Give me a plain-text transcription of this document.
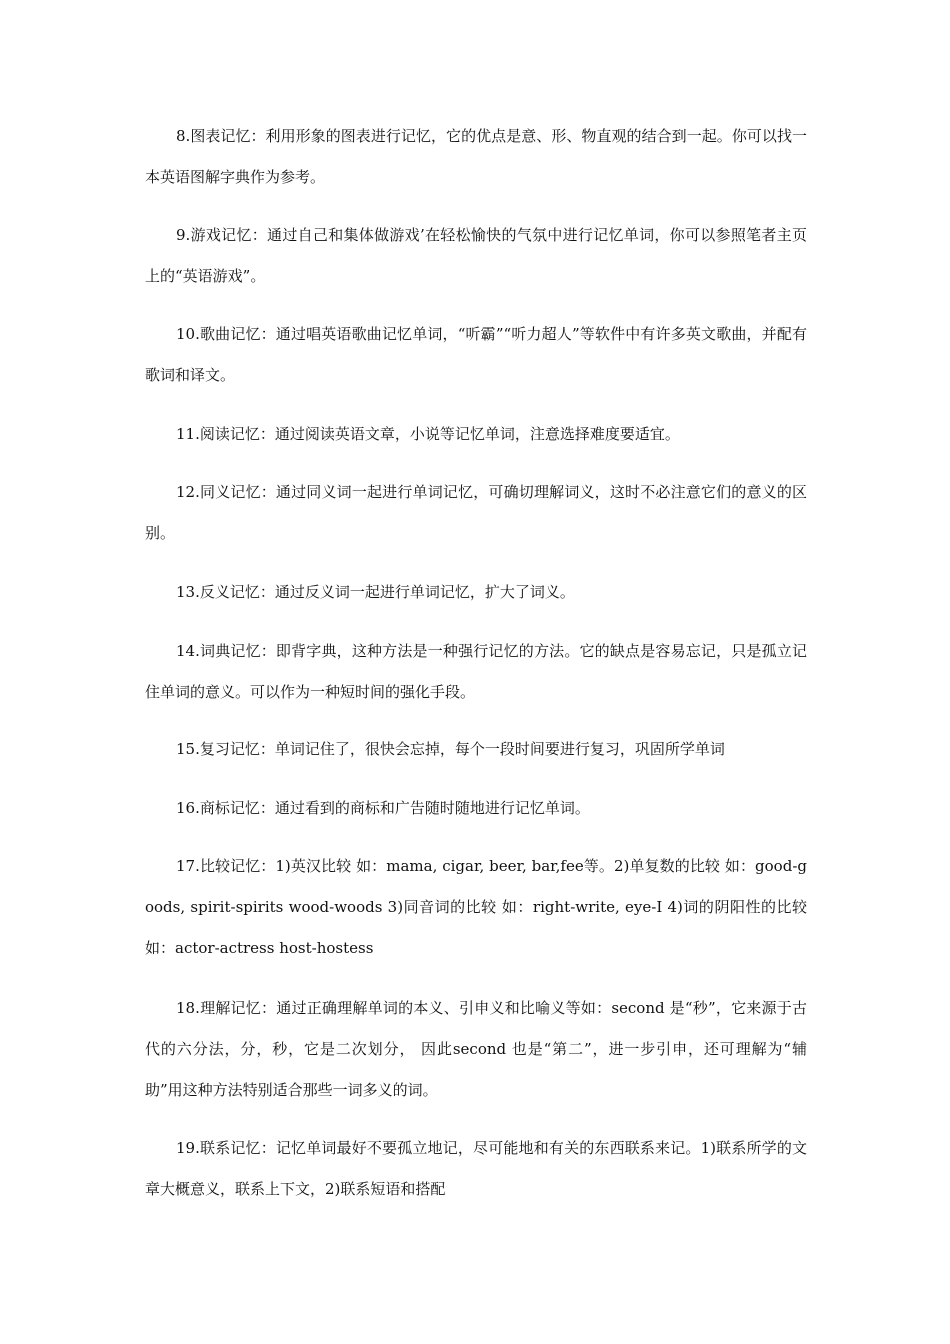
8.图表记忆：利用形象的图表进行记忆，它的优点是意、形、物直观的结合到一起。你可以找一本英语图解字典作为参考。
9.游戏记忆：通过自己和集体做游戏’在轻松愉快的气氛中进行记忆单词，你可以参照笔者主页上的“英语游戏”。
10.歌曲记忆：通过唱英语歌曲记忆单词，“听霸”“听力超人”等软件中有许多英文歌曲，并配有歌词和译文。
11.阅读记忆：通过阅读英语文章，小说等记忆单词，注意选择难度要适宜。
12.同义记忆：通过同义词一起进行单词记忆，可确切理解词义，这时不必注意它们的意义的区别。
13.反义记忆：通过反义词一起进行单词记忆，扩大了词义。
14.词典记忆：即背字典，这种方法是一种强行记忆的方法。它的缺点是容易忘记，只是孤立记住单词的意义。可以作为一种短时间的强化手段。
15.复习记忆：单词记住了，很快会忘掉，每个一段时间要进行复习，巩固所学单词
16.商标记忆：通过看到的商标和广告随时随地进行记忆单词。
17.比较记忆：1)英汉比较 如：mama, cigar, beer, bar,fee等。2)单复数的比较 如：good-goods, spirit-spirits wood-woods 3)同音词的比较 如：right-write, eye-I 4)词的阴阳性的比较 如：actor-actress host-hostess
18.理解记忆：通过正确理解单词的本义、引申义和比喻义等如：second 是“秒”，它来源于古代的六分法，分，秒，它是二次划分， 因此second 也是“第二”，进一步引申，还可理解为“辅助”用这种方法特别适合那些一词多义的词。
19.联系记忆：记忆单词最好不要孤立地记，尽可能地和有关的东西联系来记。1)联系所学的文章大概意义，联系上下文，2)联系短语和搭配
